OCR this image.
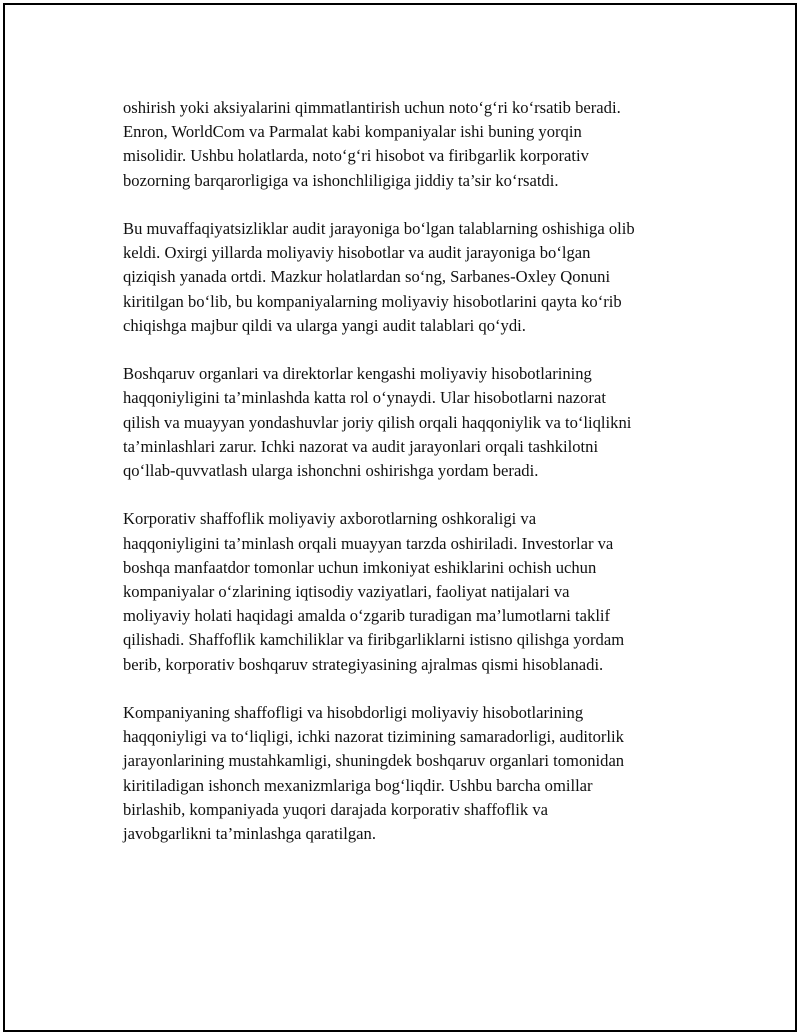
oshirish yoki aksiyalarini qimmatlantirish uchun noto‘g‘ri ko‘rsatib beradi.
Enron, WorldCom va Parmalat kabi kompaniyalar ishi buning yorqin
misolidir. Ushbu holatlarda, noto‘g‘ri hisobot va firibgarlik korporativ
bozorning barqarorligiga va ishonchliligiga jiddiy ta’sir ko‘rsatdi.

Bu muvaffaqiyatsizliklar audit jarayoniga bo‘lgan talablarning oshishiga olib
keldi. Oxirgi yillarda moliyaviy hisobotlar va audit jarayoniga bo‘lgan
qiziqish yanada ortdi. Mazkur holatlardan so‘ng, Sarbanes-Oxley Qonuni
kiritilgan bo‘lib, bu kompaniyalarning moliyaviy hisobotlarini qayta ko‘rib
chiqishga majbur qildi va ularga yangi audit talablari qo‘ydi.

Boshqaruv organlari va direktorlar kengashi moliyaviy hisobotlarining
haqqoniyligini ta’minlashda katta rol o‘ynaydi. Ular hisobotlarni nazorat
qilish va muayyan yondashuvlar joriy qilish orqali haqqoniylik va to‘liqlikni
ta’minlashlari zarur. Ichki nazorat va audit jarayonlari orqali tashkilotni
qo‘llab-quvvatlash ularga ishonchni oshirishga yordam beradi.

Korporativ shaffoflik moliyaviy axborotlarning oshkoraligi va
haqqoniyligini ta’minlash orqali muayyan tarzda oshiriladi. Investorlar va
boshqa manfaatdor tomonlar uchun imkoniyat eshiklarini ochish uchun
kompaniyalar o‘zlarining iqtisodiy vaziyatlari, faoliyat natijalari va
moliyaviy holati haqidagi amaldа o‘zgarib turadigan ma’lumotlarni taklif
qilishadi. Shaffoflik kamchiliklar va firibgarliklarni istisno qilishga yordam
berib, korporativ boshqaruv strategiyasining ajralmas qismi hisoblanadi.

Kompaniyaning shaffofligi va hisobdorligi moliyaviy hisobotlarining
haqqoniyligi va to‘liqligi, ichki nazorat tizimining samaradorligi, auditorlik
jarayonlarining mustahkamligi, shuningdek boshqaruv organlari tomonidan
kiritiladigan ishonch mexanizmlariga bog‘liqdir. Ushbu barcha omillar
birlashib, kompaniyada yuqori darajada korporativ shaffoflik va
javobgarlikni ta’minlashga qaratilgan.
